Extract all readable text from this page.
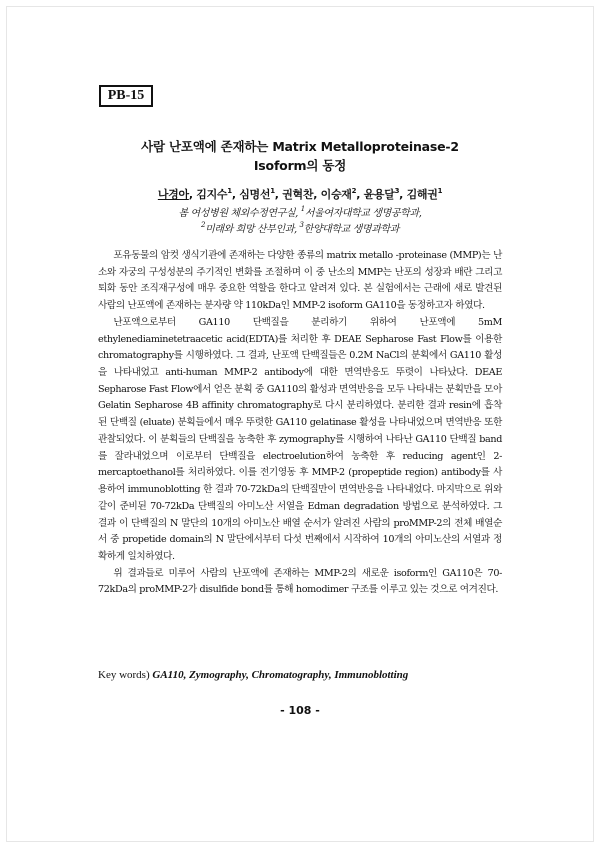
PB-15
사람 난포액에 존재하는 Matrix Metalloproteinase-2
Isoform의 동정
나경아, 김지수$^1$, 심명선$^1$, 권혁찬, 이승재$^2$, 윤용달$^3$, 김해권$^1$
봄 여성병원 체외수정연구실, $^1$서울여자대학교 생명공학과,
$^2$미래와 희망 산부인과, $^3$한양대학교 생명과학과

포유동물의 암컷 생식기관에 존재하는 다양한 종류의 matrix metallo -proteinase (MMP)는 난소와 자궁의 구성성분의 주기적인 변화를 조절하며 이 중 난소의 MMP는 난포의 성장과 배란 그리고 퇴화 동안 조직재구성에 매우 중요한 역할을 한다고 알려져 있다. 본 실험에서는 근래에 새로 발견된 사람의 난포액에 존재하는 분자량 약 110kDa인 MMP-2 isoform GA110을 동정하고자 하였다.

난포액으로부터 GA110 단백질을 분리하기 위하여 난포액에 5mM ethylenediaminetetraacetic acid(EDTA)를 처리한 후 DEAE Sepharose Fast Flow를 이용한 chromatography를 시행하였다. 그 결과, 난포액 단백질들은 0.2M NaCl의 분획에서 GA110 활성을 나타내었고 anti-human MMP-2 antibody에 대한 면역반응도 뚜렷이 나타났다. DEAE Sepharose Fast Flow에서 얻은 분획 중 GA110의 활성과 면역반응을 모두 나타내는 분획만을 모아 Gelatin Sepharose 4B affinity chromatography로 다시 분리하였다. 분리한 결과 resin에 흡착된 단백질 (eluate) 분획들에서 매우 뚜렷한 GA110 gelatinase 활성을 나타내었으며 면역반응 또한 관찰되었다. 이 분획들의 단백질을 농축한 후 zymography를 시행하여 나타난 GA110 단백질 band를 잘라내었으며 이로부터 단백질을 electroelution하여 농축한 후 reducing agent인 2-mercaptoethanol를 처리하였다. 이를 전기영동 후 MMP-2 (propeptide region) antibody를 사용하여 immunoblotting 한 결과 70-72kDa의 단백질만이 면역반응을 나타내었다. 마지막으로 위와 같이 준비된 70-72kDa 단백질의 아미노산 서열을 Edman degradation 방법으로 분석하였다. 그 결과 이 단백질의 N 말단의 10개의 아미노산 배열 순서가 알려진 사람의 proMMP-2의 전체 배열순서 중 propetide domain의 N 말단에서부터 다섯 번째에서 시작하여 10개의 아미노산의 서열과 정확하게 일치하였다.

위 결과들로 미루어 사람의 난포액에 존재하는 MMP-2의 새로운 isoform인 GA110은 70-72kDa의 proMMP-2가 disulfide bond를 통해 homodimer 구조를 이루고 있는 것으로 여겨진다.

Key words) GA110, Zymography, Chromatography, Immunoblotting
- 108 -
